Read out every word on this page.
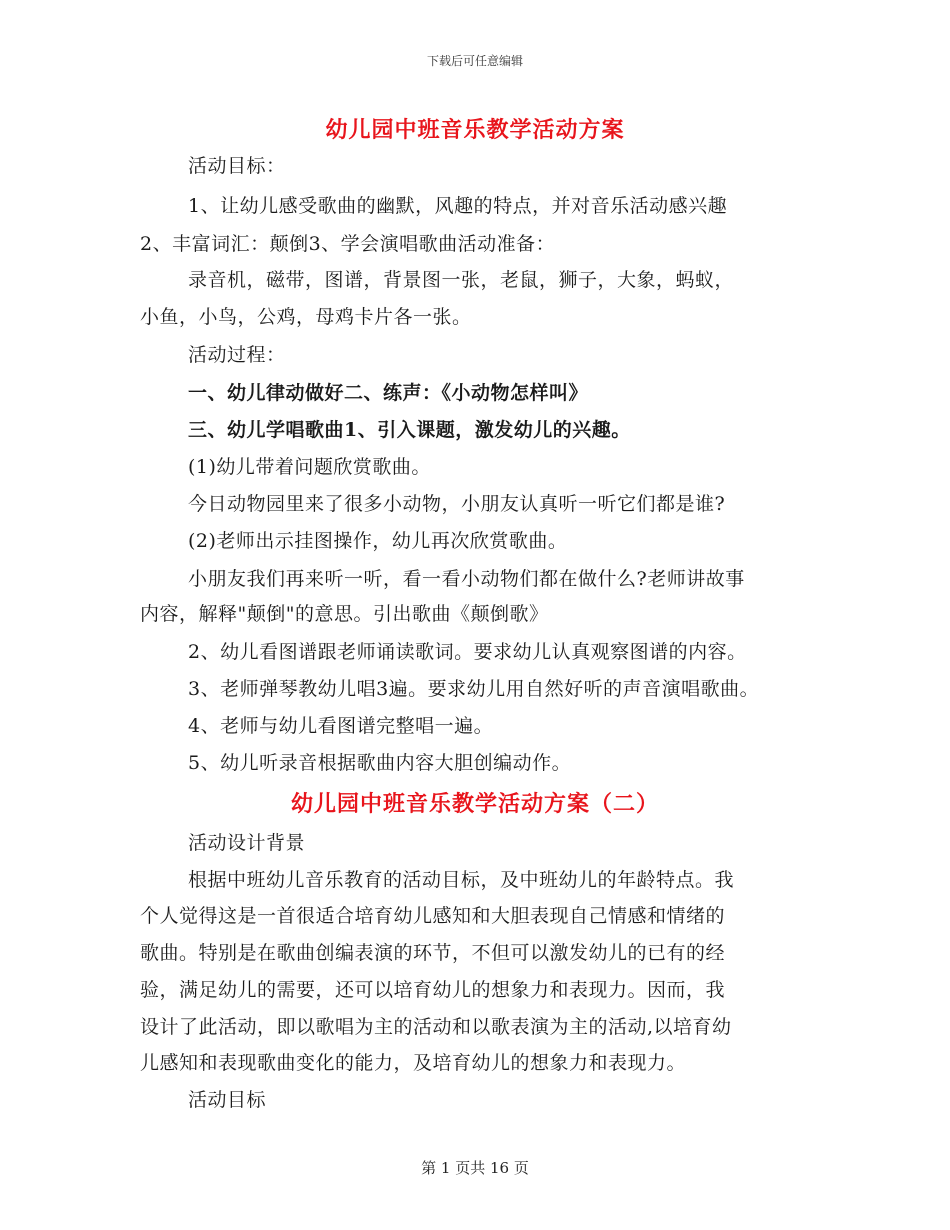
下载后可任意编辑
幼儿园中班音乐教学活动方案
活动目标：
1、让幼儿感受歌曲的幽默，风趣的特点，并对音乐活动感兴趣
2、丰富词汇：颠倒3、学会演唱歌曲活动准备：
录音机，磁带，图谱，背景图一张，老鼠，狮子，大象，蚂蚁，
小鱼，小鸟，公鸡，母鸡卡片各一张。
活动过程：
一、幼儿律动做好二、练声：《小动物怎样叫》
三、幼儿学唱歌曲1、引入课题，激发幼儿的兴趣。
(1)幼儿带着问题欣赏歌曲。
今日动物园里来了很多小动物，小朋友认真听一听它们都是谁?
(2)老师出示挂图操作，幼儿再次欣赏歌曲。
小朋友我们再来听一听，看一看小动物们都在做什么?老师讲故事
内容，解释"颠倒"的意思。引出歌曲《颠倒歌》
2、幼儿看图谱跟老师诵读歌词。要求幼儿认真观察图谱的内容。
3、老师弹琴教幼儿唱3遍。要求幼儿用自然好听的声音演唱歌曲。
4、老师与幼儿看图谱完整唱一遍。
5、幼儿听录音根据歌曲内容大胆创编动作。
幼儿园中班音乐教学活动方案（二）
活动设计背景
根据中班幼儿音乐教育的活动目标，及中班幼儿的年龄特点。我
个人觉得这是一首很适合培育幼儿感知和大胆表现自己情感和情绪的
歌曲。特别是在歌曲创编表演的环节，不但可以激发幼儿的已有的经
验，满足幼儿的需要，还可以培育幼儿的想象力和表现力。因而，我
设计了此活动，即以歌唱为主的活动和以歌表演为主的活动,以培育幼
儿感知和表现歌曲变化的能力，及培育幼儿的想象力和表现力。
活动目标
第 1 页共 16 页
